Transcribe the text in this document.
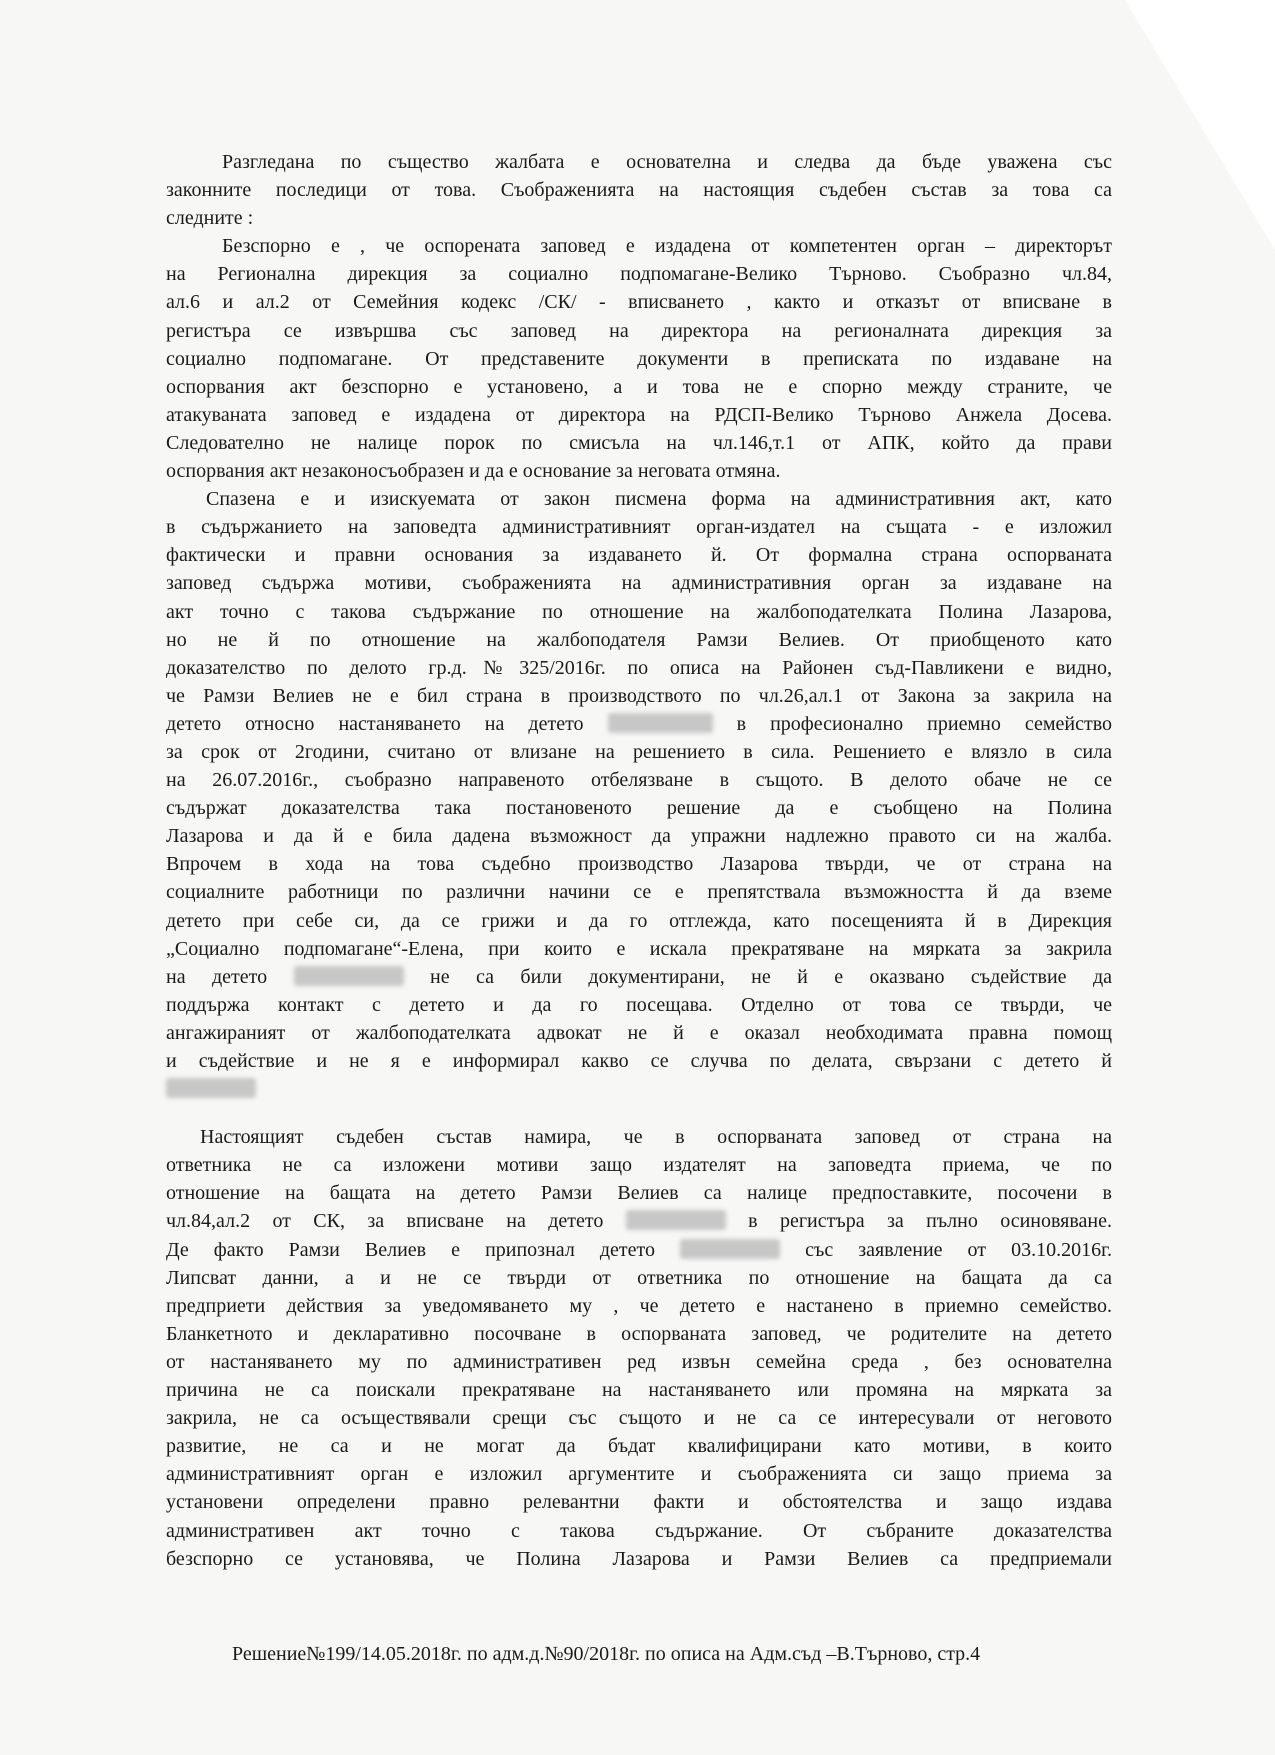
Разгледана по същество жалбата е основателна и следва да бъде уважена със
законните последици от това. Съображенията на настоящия съдебен състав за това са
следните :
Безспорно е , че оспорената заповед е издадена от компетентен орган – директорът
на Регионална дирекция за социално подпомагане-Велико Търново. Съобразно чл.84,
ал.6 и ал.2 от Семейния кодекс /СК/ - вписването , както и отказът от вписване в
регистъра се извършва със заповед на директора на регионалната дирекция за
социално подпомагане. От представените документи в преписката по издаване на
оспорвания акт безспорно е установено, а и това не е спорно между страните, че
атакуваната заповед е издадена от директора на РДСП-Велико Търново Анжела Досева.
Следователно не налице порок по смисъла на чл.146,т.1 от АПК, който да прави
оспорвания акт незаконосъобразен и да е основание за неговата отмяна.
Спазена е и изискуемата от закон писмена форма на административния акт, като
в съдържанието на заповедта административният орган-издател на същата - е изложил
фактически и правни основания за издаването й. От формална страна оспорваната
заповед съдържа мотиви, съображенията на административния орган за издаване на
акт точно с такова съдържание по отношение на жалбоподателката Полина Лазарова,
но не й по отношение на жалбоподателя Рамзи Велиев. От приобщеното като
доказателство по делото гр.д.№325/2016г. по описа на Районен съд-Павликени е видно,
че Рамзи Велиев не е бил страна в производството по чл.26,ал.1 от Закона за закрила на
детето относно настаняването на детето	в професионално приемно семейство
за срок от 2години, считано от влизане на решението в сила. Решението е влязло в сила
на 26.07.2016г., съобразно направеното отбелязване в същото. В делото обаче не се
съдържат доказателства така постановеното решение да е съобщено на Полина
Лазарова и да й е била дадена възможност да упражни надлежно правото си на жалба.
Впрочем в хода на това съдебно производство Лазарова твърди, че от страна на
социалните работници по различни начини се е препятствала възможността й да вземе
детето при себе си, да се грижи и да го отглежда, като посещенията й в Дирекция
„Социално подпомагане“-Елена, при които е искала прекратяване на мярката за закрила
на детето	не са били документирани, не й е оказвано съдействие да
поддържа контакт с детето и да го посещава. Отделно от това се твърди, че
ангажираният от жалбоподателката адвокат не й е оказал необходимата правна помощ
и съдействие и не я е информирал какво се случва по делата, свързани с детето й
Настоящият съдебен състав намира, че в оспорваната заповед от страна на
ответника не са изложени мотиви защо издателят на заповедта приема, че по
отношение на бащата на детето Рамзи Велиев са налице предпоставките, посочени в
чл.84,ал.2 от СК, за вписване на детето	в регистъра за пълно осиновяване.
Де факто Рамзи Велиев е припознал детето	със заявление от 03.10.2016г.
Липсват данни, а и не се твърди от ответника по отношение на бащата да са
предприети действия за уведомяването му , че детето е настанено в приемно семейство.
Бланкетното и декларативно посочване в оспорваната заповед, че родителите на детето
от настаняването му по административен ред извън семейна среда , без основателна
причина не са поискали прекратяване на настаняването или промяна на мярката за
закрила, не са осъществявали срещи със същото и не са се интересували от неговото
развитие, не са и не могат да бъдат квалифицирани като мотиви, в които
административният орган е изложил аргументите и съображенията си защо приема за
установени определени правно релевантни факти и обстоятелства и защо издава
административен акт точно с такова съдържание. От събраните доказателства
безспорно се установява, че Полина Лазарова и Рамзи Велиев са предприемали
Решение№199/14.05.2018г. по адм.д.№90/2018г. по описа на Адм.съд –В.Търново, стр.4
